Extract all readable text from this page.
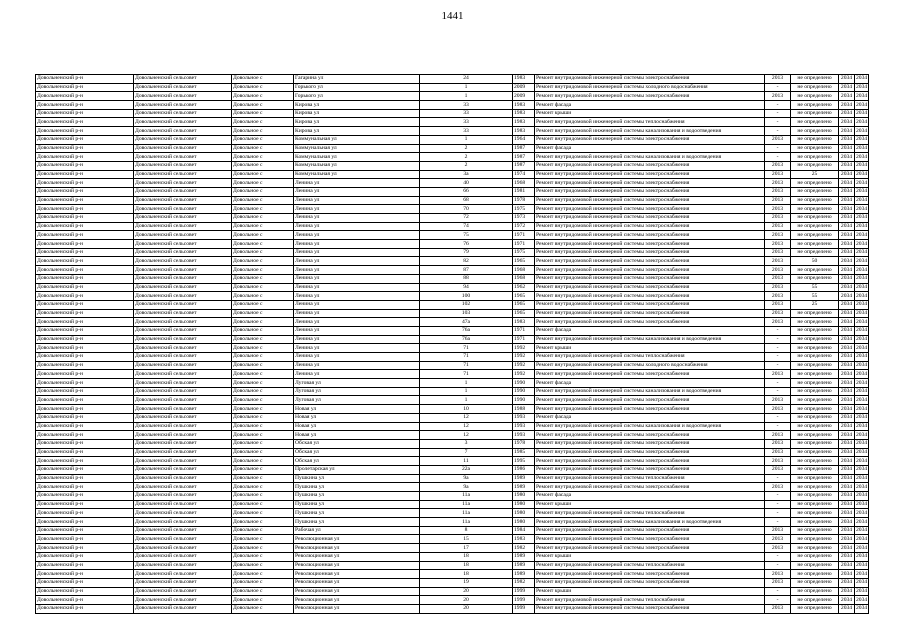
1441
Довольненский р-н	Довольненский сельсовет	Довольное с	Гагарина ул	24	1983	Ремонт внутридомовой инженерной системы электроснабжения	2013	не определено	2034	2034
Довольненский р-н	Довольненский сельсовет	Довольное с	Горького ул	1	2009	Ремонт внутридомовой инженерной системы холодного водоснабжения	-	не определено	2034	2034
Довольненский р-н	Довольненский сельсовет	Довольное с	Горького ул	1	2009	Ремонт внутридомовой инженерной системы электроснабжения	2013	не определено	2034	2034
Довольненский р-н	Довольненский сельсовет	Довольное с	Кирова ул	33	1983	Ремонт фасада	-	не определено	2034	2034
Довольненский р-н	Довольненский сельсовет	Довольное с	Кирова ул	33	1983	Ремонт крыши	-	не определено	2034	2034
Довольненский р-н	Довольненский сельсовет	Довольное с	Кирова ул	33	1983	Ремонт внутридомовой инженерной системы теплоснабжения	-	не определено	2034	2034
Довольненский р-н	Довольненский сельсовет	Довольное с	Кирова ул	33	1983	Ремонт внутридомовой инженерной системы канализования и водоотведения	-	не определено	2034	2034
Довольненский р-н	Довольненский сельсовет	Довольное с	Коммунальная ул	1	1964	Ремонт внутридомовой инженерной системы электроснабжения	2013	не определено	2034	2034
Довольненский р-н	Довольненский сельсовет	Довольное с	Коммунальная ул	2	1987	Ремонт фасада	-	не определено	2034	2034
Довольненский р-н	Довольненский сельсовет	Довольное с	Коммунальная ул	2	1987	Ремонт внутридомовой инженерной системы канализования и водоотведения	-	не определено	2034	2034
Довольненский р-н	Довольненский сельсовет	Довольное с	Коммунальная ул	2	1987	Ремонт внутридомовой инженерной системы электроснабжения	2013	не определено	2034	2034
Довольненский р-н	Довольненский сельсовет	Довольное с	Коммунальная ул	3а	1974	Ремонт внутридомовой инженерной системы электроснабжения	2013	25	2034	2034
Довольненский р-н	Довольненский сельсовет	Довольное с	Ленина ул	40	1968	Ремонт внутридомовой инженерной системы электроснабжения	2013	не определено	2034	2034
Довольненский р-н	Довольненский сельсовет	Довольное с	Ленина ул	66	1981	Ремонт внутридомовой инженерной системы электроснабжения	2013	не определено	2034	2034
Довольненский р-н	Довольненский сельсовет	Довольное с	Ленина ул	68	1978	Ремонт внутридомовой инженерной системы электроснабжения	2013	не определено	2034	2034
Довольненский р-н	Довольненский сельсовет	Довольное с	Ленина ул	70	1975	Ремонт внутридомовой инженерной системы электроснабжения	2013	не определено	2034	2034
Довольненский р-н	Довольненский сельсовет	Довольное с	Ленина ул	72	1973	Ремонт внутридомовой инженерной системы электроснабжения	2013	не определено	2034	2034
Довольненский р-н	Довольненский сельсовет	Довольное с	Ленина ул	74	1972	Ремонт внутридомовой инженерной системы электроснабжения	2013	не определено	2034	2034
Довольненский р-н	Довольненский сельсовет	Довольное с	Ленина ул	75	1971	Ремонт внутридомовой инженерной системы электроснабжения	2013	не определено	2034	2034
Довольненский р-н	Довольненский сельсовет	Довольное с	Ленина ул	76	1971	Ремонт внутридомовой инженерной системы электроснабжения	2013	не определено	2034	2034
Довольненский р-н	Довольненский сельсовет	Довольное с	Ленина ул	79	1975	Ремонт внутридомовой инженерной системы электроснабжения	2013	не определено	2034	2034
Довольненский р-н	Довольненский сельсовет	Довольное с	Ленина ул	82	1965	Ремонт внутридомовой инженерной системы электроснабжения	2013	50	2034	2034
Довольненский р-н	Довольненский сельсовет	Довольное с	Ленина ул	87	1968	Ремонт внутридомовой инженерной системы электроснабжения	2013	не определено	2034	2034
Довольненский р-н	Довольненский сельсовет	Довольное с	Ленина ул	88	1968	Ремонт внутридомовой инженерной системы электроснабжения	2013	не определено	2034	2034
Довольненский р-н	Довольненский сельсовет	Довольное с	Ленина ул	94	1962	Ремонт внутридомовой инженерной системы электроснабжения	2013	55	2034	2034
Довольненский р-н	Довольненский сельсовет	Довольное с	Ленина ул	100	1965	Ремонт внутридомовой инженерной системы электроснабжения	2013	55	2034	2034
Довольненский р-н	Довольненский сельсовет	Довольное с	Ленина ул	102	1965	Ремонт внутридомовой инженерной системы электроснабжения	2013	25	2034	2034
Довольненский р-н	Довольненский сельсовет	Довольное с	Ленина ул	103	1965	Ремонт внутридомовой инженерной системы электроснабжения	2013	не определено	2034	2034
Довольненский р-н	Довольненский сельсовет	Довольное с	Ленина ул	47а	1983	Ремонт внутридомовой инженерной системы электроснабжения	2013	не определено	2034	2034
Довольненский р-н	Довольненский сельсовет	Довольное с	Ленина ул	76а	1971	Ремонт фасада	-	не определено	2034	2034
Довольненский р-н	Довольненский сельсовет	Довольное с	Ленина ул	76а	1971	Ремонт внутридомовой инженерной системы канализования и водоотведения	-	не определено	2034	2034
Довольненский р-н	Довольненский сельсовет	Довольное с	Ленина ул	71	1992	Ремонт крыши	-	не определено	2034	2034
Довольненский р-н	Довольненский сельсовет	Довольное с	Ленина ул	71	1992	Ремонт внутридомовой инженерной системы теплоснабжения	-	не определено	2034	2034
Довольненский р-н	Довольненский сельсовет	Довольное с	Ленина ул	71	1992	Ремонт внутридомовой инженерной системы холодного водоснабжения	-	не определено	2034	2034
Довольненский р-н	Довольненский сельсовет	Довольное с	Ленина ул	71	1992	Ремонт внутридомовой инженерной системы электроснабжения	2013	не определено	2034	2034
Довольненский р-н	Довольненский сельсовет	Довольное с	Луговая ул	1	1990	Ремонт фасада	-	не определено	2034	2034
Довольненский р-н	Довольненский сельсовет	Довольное с	Луговая ул	1	1990	Ремонт внутридомовой инженерной системы канализования и водоотведения	-	не определено	2034	2034
Довольненский р-н	Довольненский сельсовет	Довольное с	Луговая ул	1	1990	Ремонт внутридомовой инженерной системы электроснабжения	2013	не определено	2034	2034
Довольненский р-н	Довольненский сельсовет	Довольное с	Новая ул	10	1988	Ремонт внутридомовой инженерной системы электроснабжения	2013	не определено	2034	2034
Довольненский р-н	Довольненский сельсовет	Довольное с	Новая ул	12	1993	Ремонт фасада	-	не определено	2034	2034
Довольненский р-н	Довольненский сельсовет	Довольное с	Новая ул	12	1993	Ремонт внутридомовой инженерной системы канализования и водоотведения	-	не определено	2034	2034
Довольненский р-н	Довольненский сельсовет	Довольное с	Новая ул	12	1993	Ремонт внутридомовой инженерной системы электроснабжения	2013	не определено	2034	2034
Довольненский р-н	Довольненский сельсовет	Довольное с	Обская ул	3	1978	Ремонт внутридомовой инженерной системы электроснабжения	2013	не определено	2034	2034
Довольненский р-н	Довольненский сельсовет	Довольное с	Обская ул	7	1985	Ремонт внутридомовой инженерной системы электроснабжения	2013	не определено	2034	2034
Довольненский р-н	Довольненский сельсовет	Довольное с	Обская ул	11	1995	Ремонт внутридомовой инженерной системы электроснабжения	2013	не определено	2034	2034
Довольненский р-н	Довольненский сельсовет	Довольное с	Пролетарская ул	22а	1986	Ремонт внутридомовой инженерной системы электроснабжения	2013	не определено	2034	2034
Довольненский р-н	Довольненский сельсовет	Довольное с	Пушкина ул	9а	1989	Ремонт внутридомовой инженерной системы теплоснабжения	-	не определено	2034	2034
Довольненский р-н	Довольненский сельсовет	Довольное с	Пушкина ул	9а	1989	Ремонт внутридомовой инженерной системы электроснабжения	2013	не определено	2034	2034
Довольненский р-н	Довольненский сельсовет	Довольное с	Пушкина ул	11а	1980	Ремонт фасада	-	не определено	2034	2034
Довольненский р-н	Довольненский сельсовет	Довольное с	Пушкина ул	11а	1980	Ремонт крыши	-	не определено	2034	2034
Довольненский р-н	Довольненский сельсовет	Довольное с	Пушкина ул	11а	1980	Ремонт внутридомовой инженерной системы теплоснабжения	-	не определено	2034	2034
Довольненский р-н	Довольненский сельсовет	Довольное с	Пушкина ул	11а	1980	Ремонт внутридомовой инженерной системы канализования и водоотведения	-	не определено	2034	2034
Довольненский р-н	Довольненский сельсовет	Довольное с	Рабочая ул	8	1984	Ремонт внутридомовой инженерной системы электроснабжения	2013	не определено	2034	2034
Довольненский р-н	Довольненский сельсовет	Довольное с	Революционная ул	15	1983	Ремонт внутридомовой инженерной системы электроснабжения	2013	не определено	2034	2034
Довольненский р-н	Довольненский сельсовет	Довольное с	Революционная ул	17	1982	Ремонт внутридомовой инженерной системы электроснабжения	2013	не определено	2034	2034
Довольненский р-н	Довольненский сельсовет	Довольное с	Революционная ул	18	1989	Ремонт крыши	-	не определено	2034	2034
Довольненский р-н	Довольненский сельсовет	Довольное с	Революционная ул	18	1989	Ремонт внутридомовой инженерной системы теплоснабжения	-	не определено	2034	2034
Довольненский р-н	Довольненский сельсовет	Довольное с	Революционная ул	18	1989	Ремонт внутридомовой инженерной системы электроснабжения	2013	не определено	2034	2034
Довольненский р-н	Довольненский сельсовет	Довольное с	Революционная ул	19	1982	Ремонт внутридомовой инженерной системы электроснабжения	2013	не определено	2034	2034
Довольненский р-н	Довольненский сельсовет	Довольное с	Революционная ул	20	1999	Ремонт крыши	-	не определено	2034	2034
Довольненский р-н	Довольненский сельсовет	Довольное с	Революционная ул	20	1999	Ремонт внутридомовой инженерной системы теплоснабжения	-	не определено	2034	2034
Довольненский р-н	Довольненский сельсовет	Довольное с	Революционная ул	20	1999	Ремонт внутридомовой инженерной системы электроснабжения	2013	не определено	2034	2034
